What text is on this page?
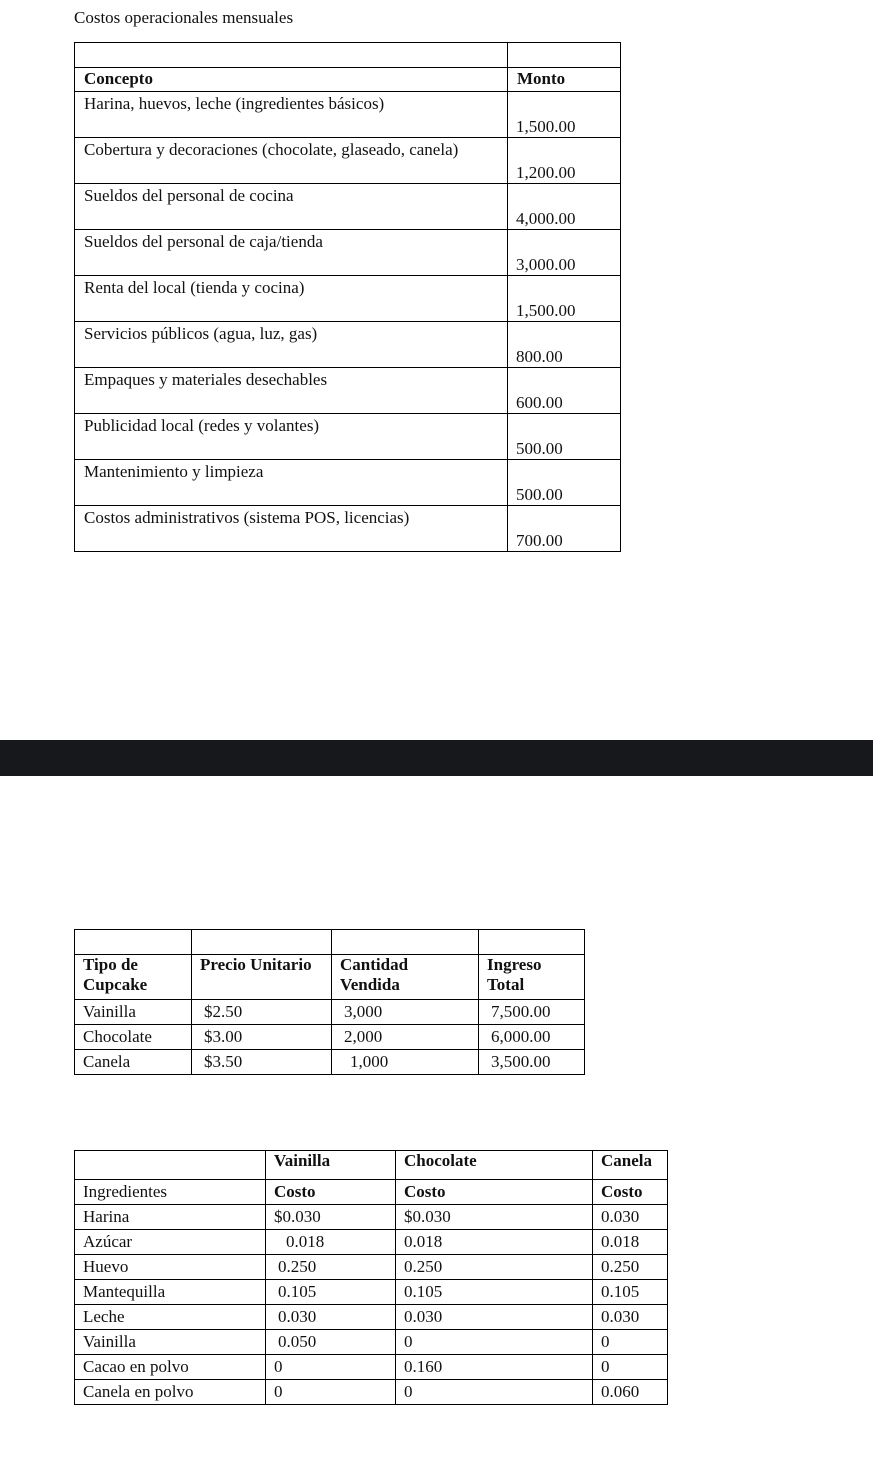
Costos operacionales mensuales

Concepto	Monto

Harina, huevos, leche (ingredientes básicos)	1,500.00

Cobertura y decoraciones (chocolate, glaseado, canela)	1,200.00

Sueldos del personal de cocina	4,000.00

Sueldos del personal de caja/tienda	3,000.00

Renta del local (tienda y cocina)	1,500.00

Servicios públicos (agua, luz, gas)	800.00

Empaques y materiales desechables	600.00

Publicidad local (redes y volantes)	500.00

Mantenimiento y limpieza	500.00

Costos administrativos (sistema POS, licencias)	700.00

Tipo de Cupcake	Precio Unitario	Cantidad Vendida	Ingreso Total
Vainilla	$2.50	3,000	7,500.00
Chocolate	$3.00	2,000	6,000.00
Canela	$3.50	1,000	3,500.00
	Vainilla	Chocolate	Canela
Ingredientes	Costo	Costo	Costo
Harina	$0.030	$0.030	0.030
Azúcar	0.018	0.018	0.018
Huevo	0.250	0.250	0.250
Mantequilla	0.105	0.105	0.105
Leche	0.030	0.030	0.030
Vainilla	0.050	0	0
Cacao en polvo	0	0.160	0
Canela en polvo	0	0	0.060
